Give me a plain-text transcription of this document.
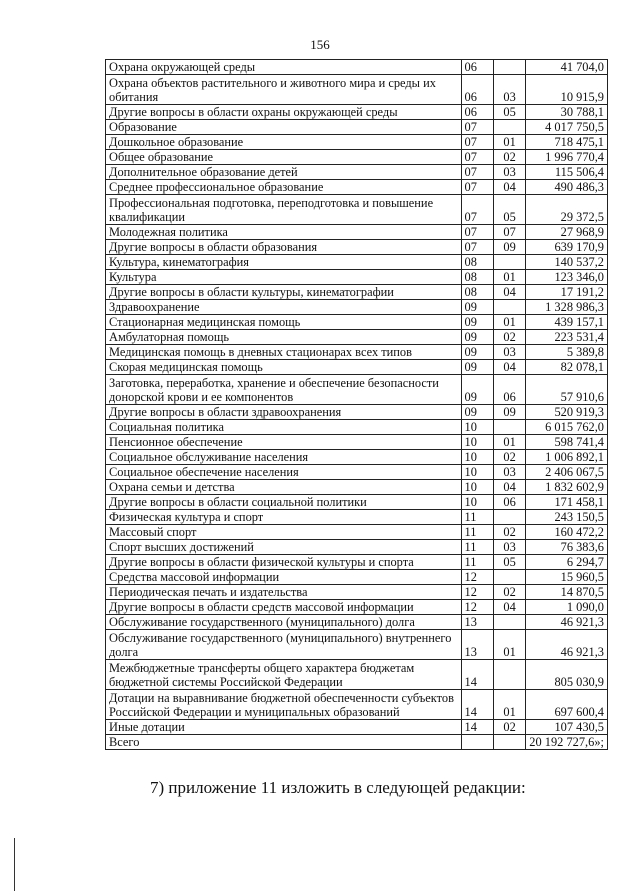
156
Охрана окружающей среды	06		41 704,0
Охрана объектов растительного и животного мира и среды их обитания	06	03	10 915,9
Другие вопросы в области охраны окружающей среды	06	05	30 788,1
Образование	07		4 017 750,5
Дошкольное образование	07	01	718 475,1
Общее образование	07	02	1 996 770,4
Дополнительное образование детей	07	03	115 506,4
Среднее профессиональное образование	07	04	490 486,3
Профессиональная подготовка, переподготовка и повышение квалификации	07	05	29 372,5
Молодежная политика	07	07	27 968,9
Другие вопросы в области образования	07	09	639 170,9
Культура, кинематография	08		140 537,2
Культура	08	01	123 346,0
Другие вопросы в области культуры, кинематографии	08	04	17 191,2
Здравоохранение	09		1 328 986,3
Стационарная медицинская помощь	09	01	439 157,1
Амбулаторная помощь	09	02	223 531,4
Медицинская помощь в дневных стационарах всех типов	09	03	5 389,8
Скорая медицинская помощь	09	04	82 078,1
Заготовка, переработка, хранение и обеспечение безопасности донорской крови и ее компонентов	09	06	57 910,6
Другие вопросы в области здравоохранения	09	09	520 919,3
Социальная политика	10		6 015 762,0
Пенсионное обеспечение	10	01	598 741,4
Социальное обслуживание населения	10	02	1 006 892,1
Социальное обеспечение населения	10	03	2 406 067,5
Охрана семьи и детства	10	04	1 832 602,9
Другие вопросы в области социальной политики	10	06	171 458,1
Физическая культура и спорт	11		243 150,5
Массовый спорт	11	02	160 472,2
Спорт высших достижений	11	03	76 383,6
Другие вопросы в области физической культуры и спорта	11	05	6 294,7
Средства массовой информации	12		15 960,5
Периодическая печать и издательства	12	02	14 870,5
Другие вопросы в области средств массовой информации	12	04	1 090,0
Обслуживание государственного (муниципального) долга	13		46 921,3
Обслуживание государственного (муниципального) внутреннего долга	13	01	46 921,3
Межбюджетные трансферты общего характера бюджетам бюджетной системы Российской Федерации	14		805 030,9
Дотации на выравнивание бюджетной обеспеченности субъектов Российской Федерации и муниципальных образований	14	01	697 600,4
Иные дотации	14	02	107 430,5
Всего			20 192 727,6»;
7) приложение 11 изложить в следующей редакции:
